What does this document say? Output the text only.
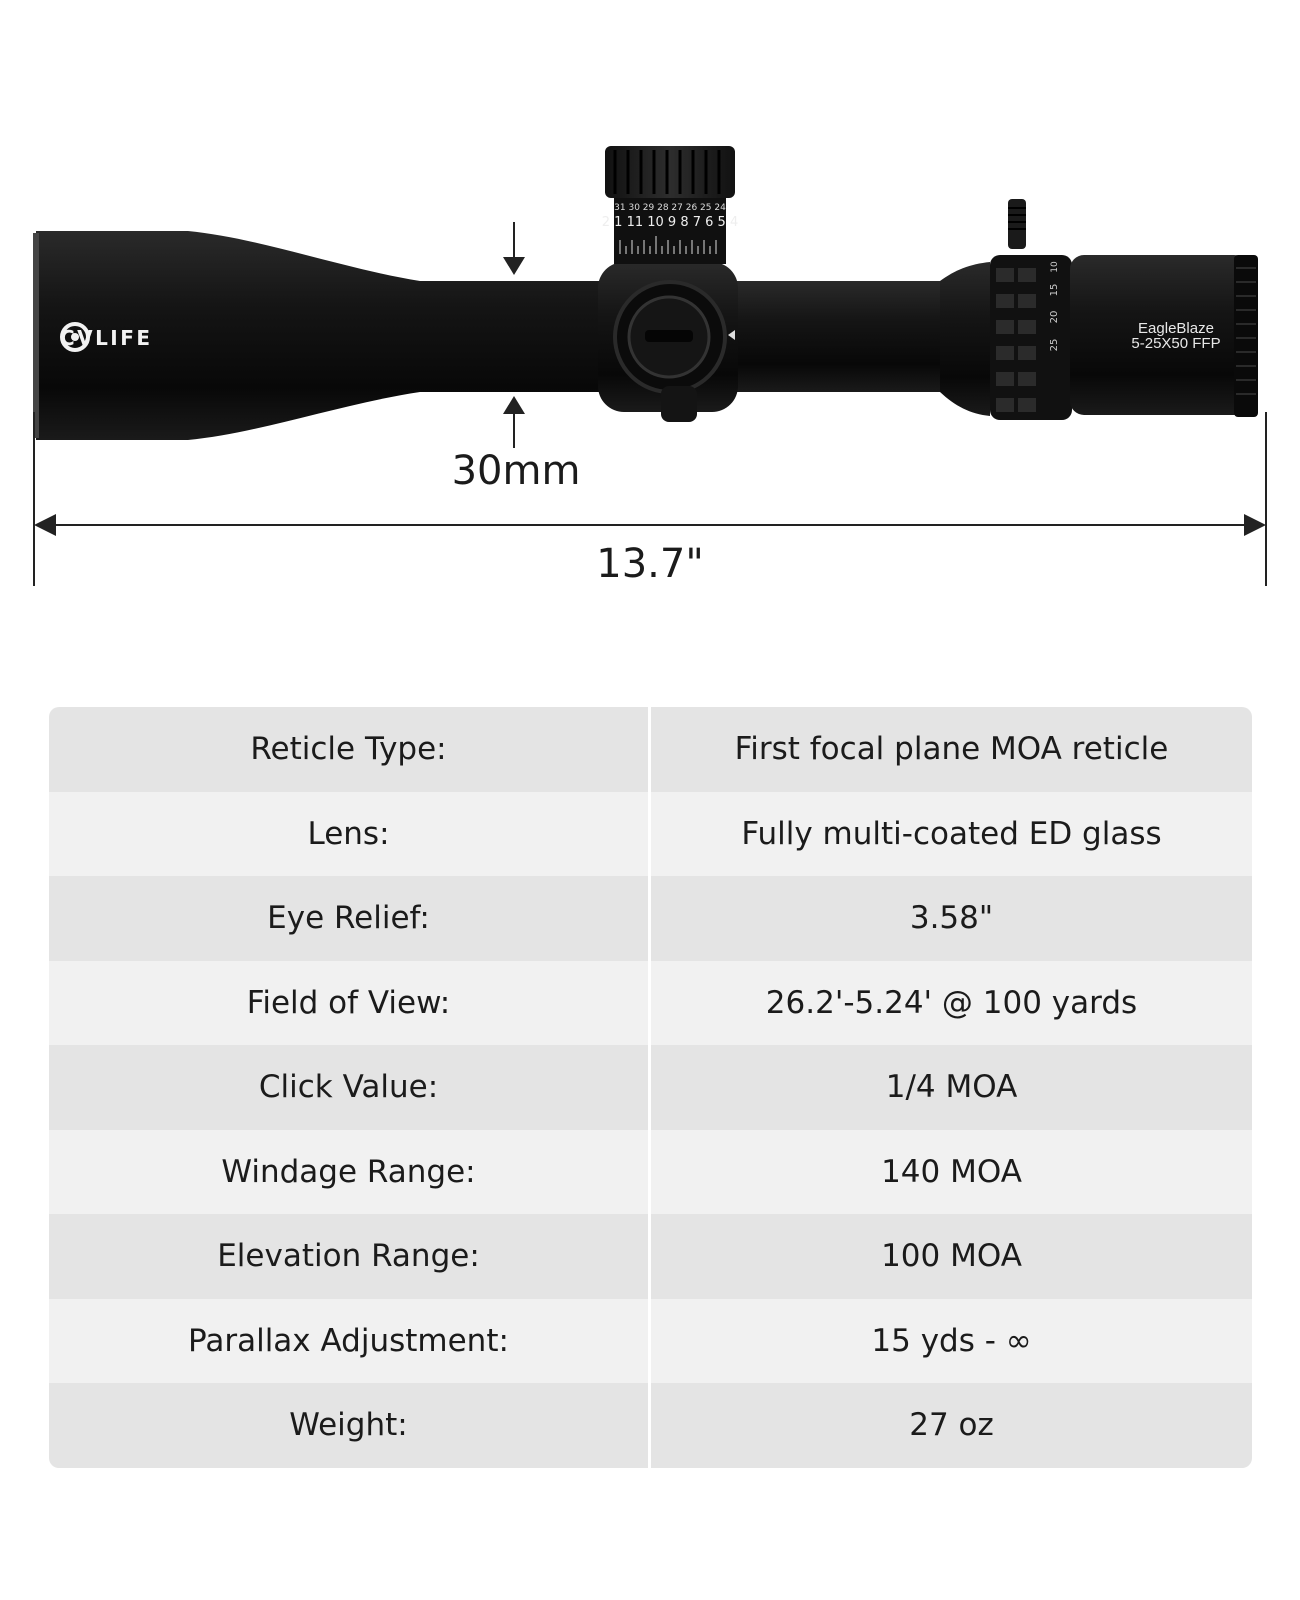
31 30 29 28 27 26 25 24
2 1 11 10 9 8 7 6 5 4
10
15
20
25
EagleBlaze
5-25X50 FFP
CVLIFE
30mm
13.7"
Reticle Type:	First focal plane MOA reticle
Lens:	Fully multi-coated ED glass
Eye Relief:	3.58"
Field of View:	26.2'-5.24' @ 100 yards
Click Value:	1/4 MOA
Windage Range:	140 MOA
Elevation Range:	100 MOA
Parallax Adjustment:	15 yds - ∞
Weight:	27 oz
